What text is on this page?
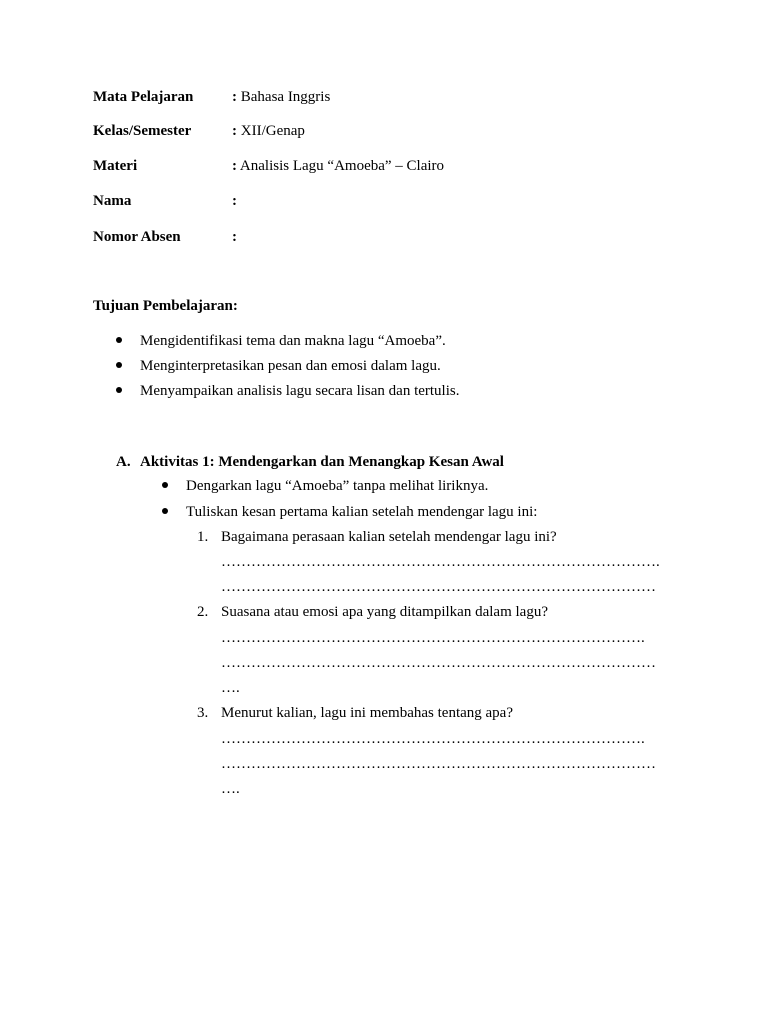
Mata Pelajaran	: Bahasa Inggris
Kelas/Semester	: XII/Genap
Materi	: Analisis Lagu “Amoeba” – Clairo
Nama	:
Nomor Absen	:
Tujuan Pembelajaran:
Mengidentifikasi tema dan makna lagu “Amoeba”.
Menginterpretasikan pesan dan emosi dalam lagu.
Menyampaikan analisis lagu secara lisan dan tertulis.
A. Aktivitas 1: Mendengarkan dan Menangkap Kesan Awal
Dengarkan lagu “Amoeba” tanpa melihat liriknya.
Tuliskan kesan pertama kalian setelah mendengar lagu ini:
1. Bagaimana perasaan kalian setelah mendengar lagu ini?
…………………………………………………………………………….
……………………………………………………………………………
2. Suasana atau emosi apa yang ditampilkan dalam lagu?
………………………………………………………………………….
……………………………………………………………………………
….
3. Menurut kalian, lagu ini membahas tentang apa?
………………………………………………………………………….
……………………………………………………………………………
….
